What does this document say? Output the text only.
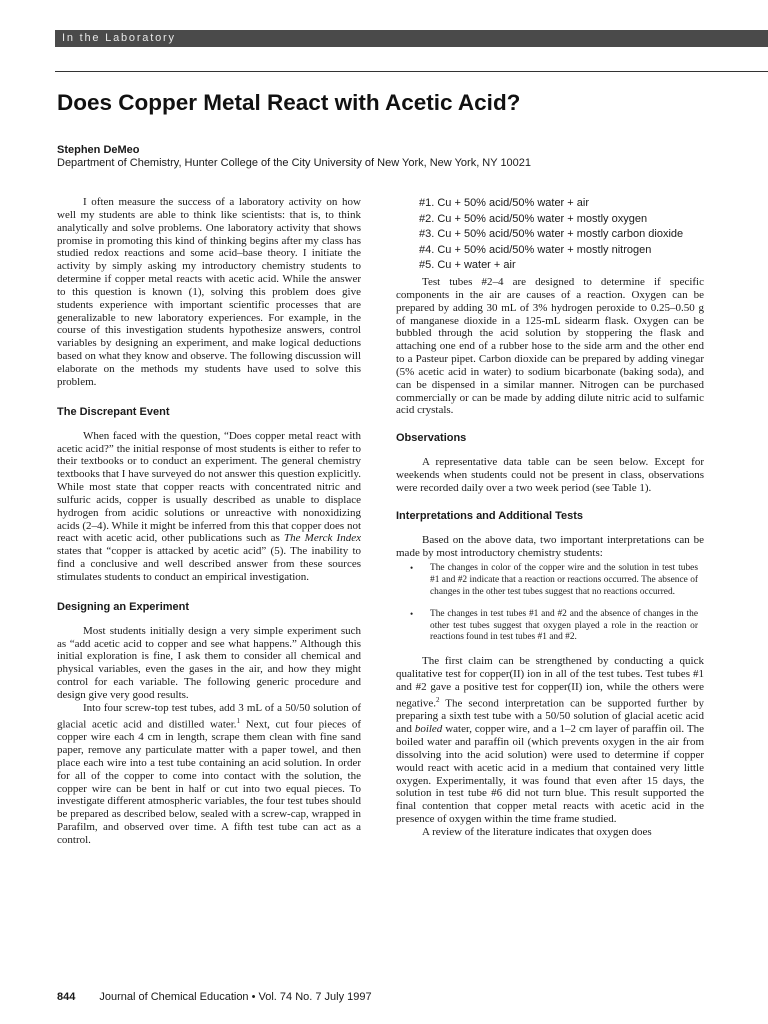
In the Laboratory
Does Copper Metal React with Acetic Acid?
Stephen DeMeo
Department of Chemistry, Hunter College of the City University of New York, New York, NY 10021

I often measure the success of a laboratory activity on how well my students are able to think like scientists: that is, to think analytically and solve problems. One laboratory activity that shows promise in promoting this kind of thinking begins after my class has studied redox reactions and some acid–base theory. I initiate the activity by simply asking my introductory chemistry students to determine if copper metal reacts with acetic acid. While the answer to this question is known (1), solving this problem does give students experience with important scientific processes that are generalizable to new laboratory experiences. For example, in the course of this investigation students hypothesize answers, control variables by designing an experiment, and make logical deductions based on what they know and observe. The following discussion will elaborate on the methods my students have used to solve this problem.

The Discrepant Event

When faced with the question, “Does copper metal react with acetic acid?” the initial response of most students is either to refer to their textbooks or to conduct an experiment. The general chemistry textbooks that I have surveyed do not answer this question explicitly. While most state that copper reacts with concentrated nitric and sulfuric acids, copper is usually described as unable to displace hydrogen from acidic solutions or unreactive with nonoxidizing acids (2–4). While it might be inferred from this that copper does not react with acetic acid, other publications such as The Merck Index states that “copper is attacked by acetic acid” (5). The inability to find a conclusive and well described answer from these sources stimulates students to conduct an empirical investigation.

Designing an Experiment

Most students initially design a very simple experiment such as “add acetic acid to copper and see what happens.” Although this initial exploration is fine, I ask them to consider all chemical and physical variables, even the gases in the air, and how they might control for each variable. The following generic procedure and design give very good results.

Into four screw-top test tubes, add 3 mL of a 50/50 solution of glacial acetic acid and distilled water.$^1$ Next, cut four pieces of copper wire each 4 cm in length, scrape them clean with fine sand paper, remove any particulate matter with a paper towel, and then place each wire into a test tube containing an acid solution. In order for all of the copper to come into contact with the solution, the copper wire can be bent in half or cut into two equal pieces. To investigate different atmospheric variables, the four test tubes should be prepared as described below, sealed with a screw-cap, wrapped in Parafilm, and observed over time. A fifth test tube can act as a control.

#1. Cu + 50% acid/50% water + air
#2. Cu + 50% acid/50% water + mostly oxygen
#3. Cu + 50% acid/50% water + mostly carbon dioxide
#4. Cu + 50% acid/50% water + mostly nitrogen
#5. Cu + water + air

Test tubes #2–4 are designed to determine if specific components in the air are causes of a reaction. Oxygen can be prepared by adding 30 mL of 3% hydrogen peroxide to 0.25–0.50 g of manganese dioxide in a 125-mL sidearm flask. Oxygen can be bubbled through the acid solution by stoppering the flask and attaching one end of a rubber hose to the side arm and the other end to a Pasteur pipet. Carbon dioxide can be prepared by adding vinegar (5% acetic acid in water) to sodium bicarbonate (baking soda), and can be dispensed in a similar manner. Nitrogen can be purchased commercially or can be made by adding dilute nitric acid to sulfamic acid crystals.

Observations

A representative data table can be seen below. Except for weekends when students could not be present in class, observations were recorded daily over a two week period (see Table 1).

Interpretations and Additional Tests

Based on the above data, two important interpretations can be made by most introductory chemistry students:

• The changes in color of the copper wire and the solution in test tubes #1 and #2 indicate that a reaction or reactions occurred. The absence of changes in the other test tubes suggest that no reactions occurred.
• The changes in test tubes #1 and #2 and the absence of changes in the other test tubes suggest that oxygen played a role in the reaction or reactions found in test tubes #1 and #2.

The first claim can be strengthened by conducting a quick qualitative test for copper(II) ion in all of the test tubes. Test tubes #1 and #2 gave a positive test for copper(II) ion, while the others were negative.$^2$ The second interpretation can be supported further by preparing a sixth test tube with a 50/50 solution of glacial acetic acid and boiled water, copper wire, and a 1–2 cm layer of paraffin oil. The boiled water and paraffin oil (which prevents oxygen in the air from dissolving into the acid solution) were used to determine if copper would react with acetic acid in a medium that contained very little oxygen. Experimentally, it was found that even after 15 days, the solution in test tube #6 did not turn blue. This result supported the final contention that copper metal reacts with acetic acid in the presence of oxygen within the time frame studied.

A review of the literature indicates that oxygen does

844 Journal of Chemical Education • Vol. 74 No. 7 July 1997
